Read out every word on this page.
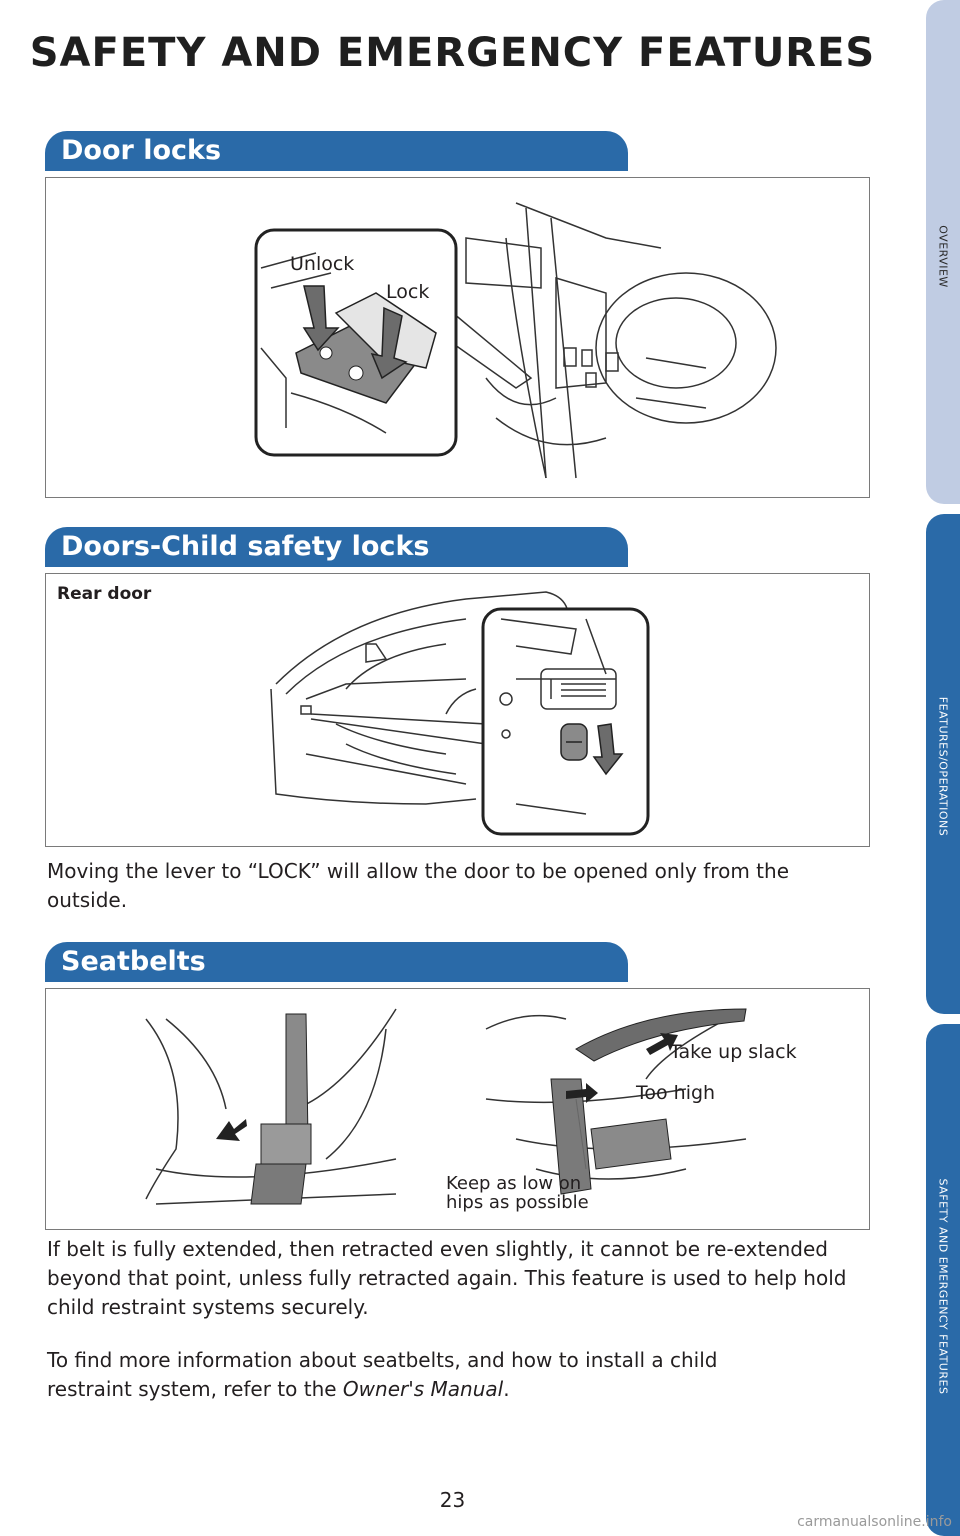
SAFETY AND EMERGENCY FEATURES
OVERVIEW
FEATURES/OPERATIONS
SAFETY AND EMERGENCY FEATURES
Door locks
Unlock
Lock
Doors-Child safety locks
Rear door
Moving the lever to “LOCK” will allow the door to be opened only from the outside.
Seatbelts
Take up slack
Too high
Keep as low on
hips as possible
If belt is fully extended, then retracted even slightly, it cannot be re-extended beyond that point, unless fully retracted again. This feature is used to help hold child restraint systems securely.
To find more information about seatbelts, and how to install a child restraint system, refer to the Owner's Manual.
23
carmanualsonline.info
